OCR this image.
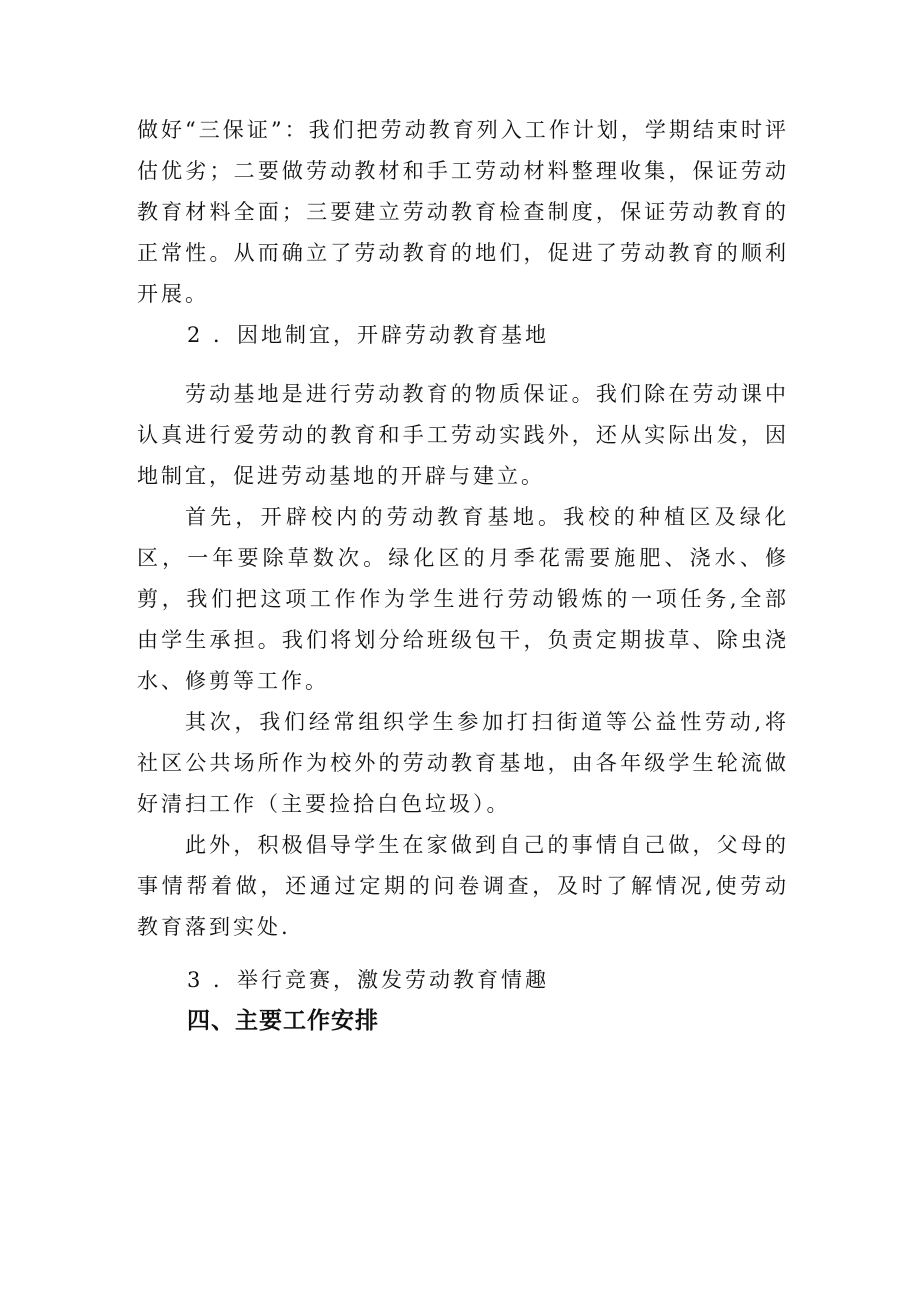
做好“三保证”：我们把劳动教育列入工作计划，学期结束时评估优劣；二要做劳动教材和手工劳动材料整理收集，保证劳动教育材料全面；三要建立劳动教育检查制度，保证劳动教育的正常性。从而确立了劳动教育的地们，促进了劳动教育的顺利开展。

2 ．因地制宜，开辟劳动教育基地

劳动基地是进行劳动教育的物质保证。我们除在劳动课中认真进行爱劳动的教育和手工劳动实践外，还从实际出发，因地制宜，促进劳动基地的开辟与建立。

首先，开辟校内的劳动教育基地。我校的种植区及绿化区，一年要除草数次。绿化区的月季花需要施肥、浇水、修剪，我们把这项工作作为学生进行劳动锻炼的一项任务,全部由学生承担。我们将划分给班级包干，负责定期拔草、除虫浇水、修剪等工作。

其次，我们经常组织学生参加打扫街道等公益性劳动,将社区公共场所作为校外的劳动教育基地，由各年级学生轮流做好清扫工作（主要捡拾白色垃圾）。

此外，积极倡导学生在家做到自己的事情自己做，父母的事情帮着做，还通过定期的问卷调查，及时了解情况,使劳动教育落到实处.

3 ．举行竞赛，激发劳动教育情趣

四、主要工作安排
